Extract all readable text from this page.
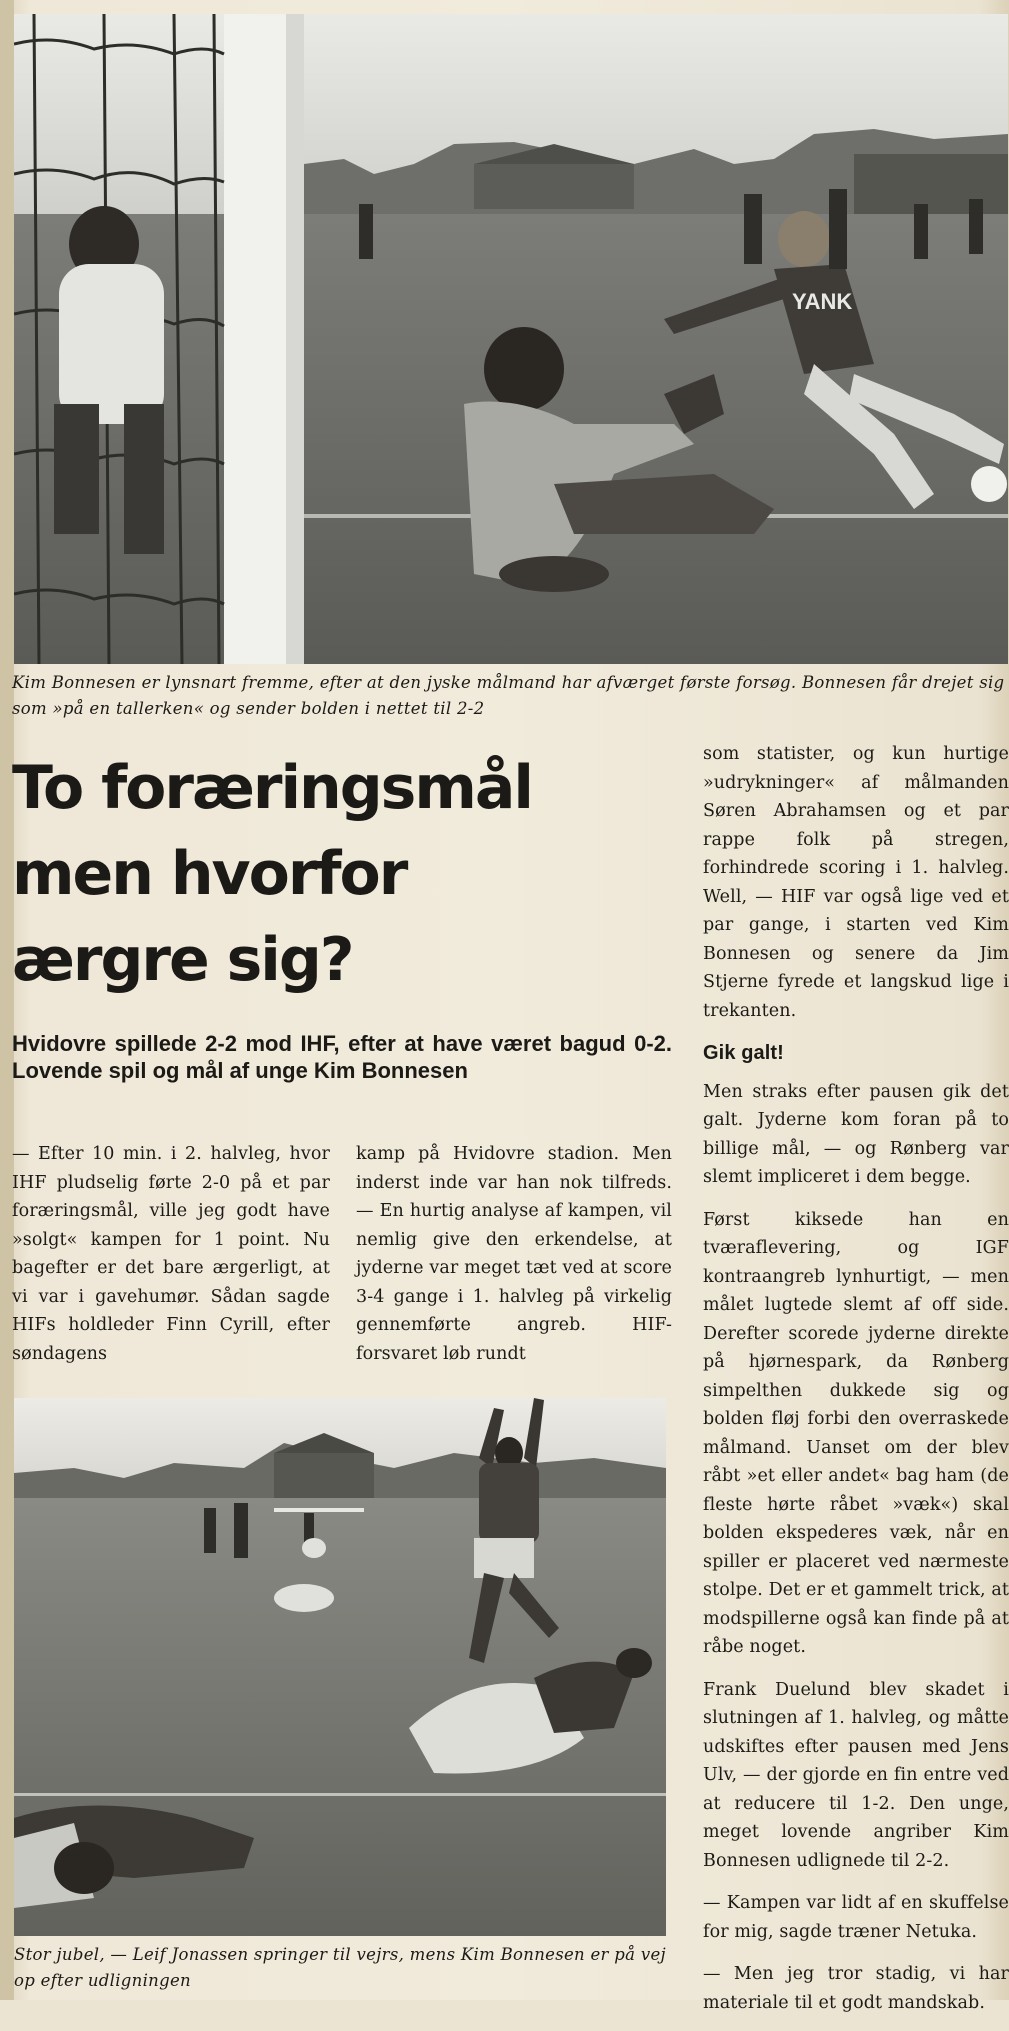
YANK
Kim Bonnesen er lynsnart fremme, efter at den jyske målmand har afværget første forsøg. Bonnesen får drejet sig som »på en tallerken« og sender bolden i nettet til 2-2
To foræringsmål
men hvorfor
ærgre sig?
Hvidovre spillede 2-2 mod IHF, efter at have været bagud 0-2. Lovende spil og mål af unge Kim Bonnesen

— Efter 10 min. i 2. halvleg, hvor IHF pludselig førte 2-0 på et par foræringsmål, ville jeg godt have »solgt« kampen for 1 point. Nu bagefter er det bare ærgerligt, at vi var i gavehumør. Sådan sagde HIFs holdleder Finn Cyrill, efter søndagens

kamp på Hvidovre stadion. Men inderst inde var han nok tilfreds. — En hurtig analyse af kampen, vil nemlig give den erkendelse, at jyderne var meget tæt ved at score 3-4 gange i 1. halvleg på virkelig gennemførte angreb. HIF-forsvaret løb rundt

som statister, og kun hurtige »udrykninger« af målmanden Søren Abrahamsen og et par rappe folk på stregen, forhindrede scoring i 1. halvleg. Well, — HIF var også lige ved et par gange, i starten ved Kim Bonnesen og senere da Jim Stjerne fyrede et langskud lige i trekanten.

Gik galt!

Men straks efter pausen gik det galt. Jyderne kom foran på to billige mål, — og Rønberg var slemt impliceret i dem begge.

Først kiksede han en tværaflevering, og IGF kontraangreb lynhurtigt, — men målet lugtede slemt af off side. Derefter scorede jyderne direkte på hjørnespark, da Rønberg simpelthen dukkede sig og bolden fløj forbi den overraskede målmand. Uanset om der blev råbt »et eller andet« bag ham (de fleste hørte råbet »væk«) skal bolden ekspederes væk, når en spiller er placeret ved nærmeste stolpe. Det er et gammelt trick, at modspillerne også kan finde på at råbe noget.

Frank Duelund blev skadet i slutningen af 1. halvleg, og måtte udskiftes efter pausen med Jens Ulv, — der gjorde en fin entre ved at reducere til 1-2. Den unge, meget lovende angriber Kim Bonnesen udlignede til 2-2.

— Kampen var lidt af en skuffelse for mig, sagde træner Netuka.

— Men jeg tror stadig, vi har materiale til et godt mandskab.

Stor jubel, — Leif Jonassen springer til vejrs, mens Kim Bonnesen er på vej op efter udligningen
